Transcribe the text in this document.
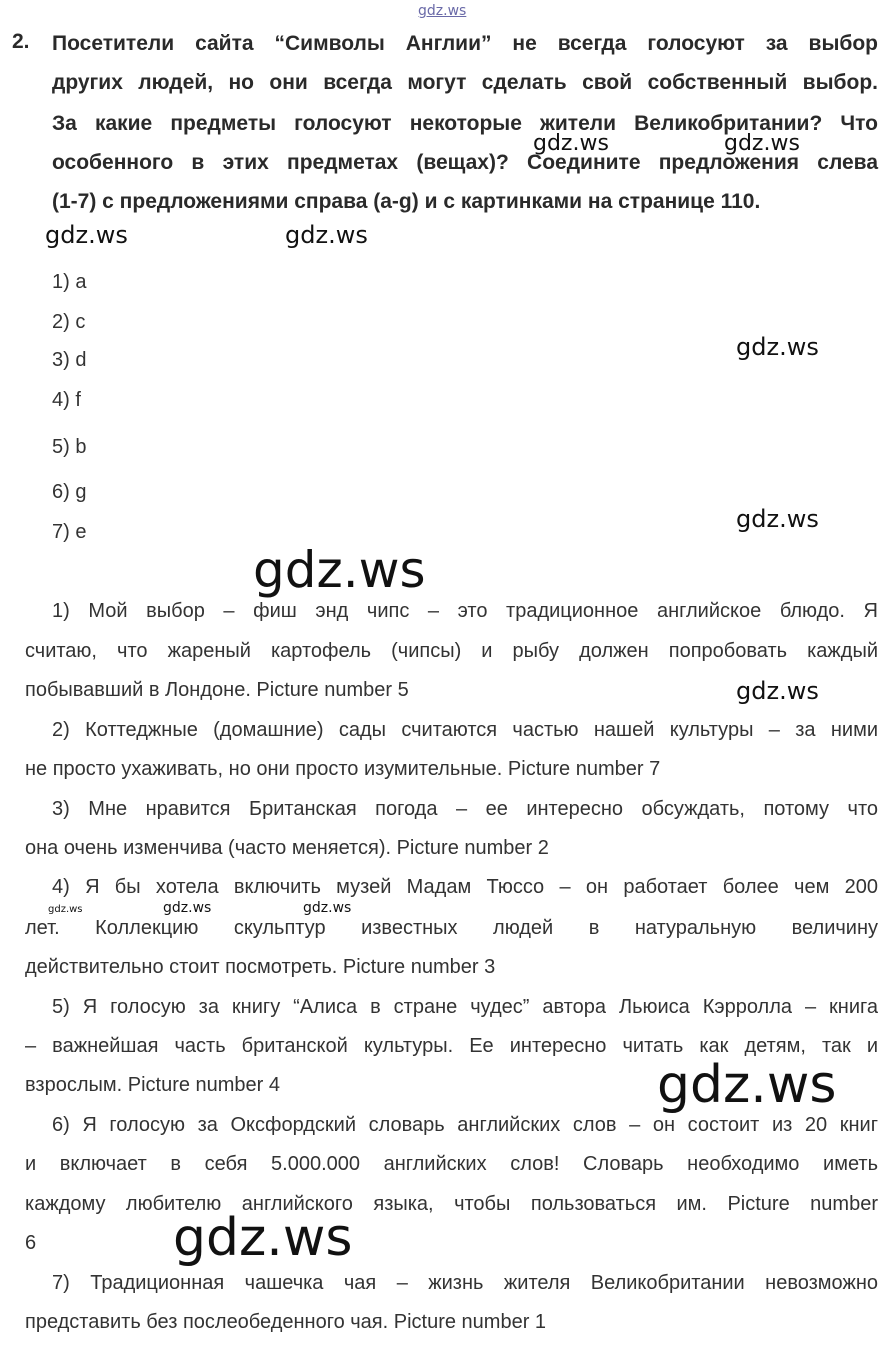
gdz.ws
2. Посетители сайта “Символы Англии” не всегда голосуют за выбор
других людей, но они всегда могут сделать свой собственный выбор.
За какие предметы голосуют некоторые жители Великобритании? Что
особенного в этих предметах (вещах)? Соедините предложения слева
(1-7) с предложениями справа (a-g) и с картинками на странице 110.
1) a
2) c
3) d
4) f
5) b
6) g
7) e
1) Мой выбор – фиш энд чипс – это традиционное английское блюдо. Я
считаю, что жареный картофель (чипсы) и рыбу должен попробовать каждый
побывавший в Лондоне. Picture number 5
2) Коттеджные (домашние) сады считаются частью нашей культуры – за ними
не просто ухаживать, но они просто изумительные. Picture number 7
3) Мне нравится Британская погода – ее интересно обсуждать, потому что
она очень изменчива (часто меняется). Picture number 2
4) Я бы хотела включить музей Мадам Тюссо – он работает более чем 200
лет. Коллекцию скульптур известных людей в натуральную величину
действительно стоит посмотреть. Picture number 3
5) Я голосую за книгу “Алиса в стране чудес” автора Льюиса Кэрролла – книга
– важнейшая часть британской культуры. Ее интересно читать как детям, так и
взрослым. Picture number 4
6) Я голосую за Оксфордский словарь английских слов – он состоит из 20 книг
и включает в себя 5.000.000 английских слов! Словарь необходимо иметь
каждому любителю английского языка, чтобы пользоваться им. Picture number
6
7) Традиционная чашечка чая – жизнь жителя Великобритании невозможно
представить без послеобеденного чая. Picture number 1
gdz.ws	gdz.ws
gdz.ws	gdz.ws
gdz.ws
gdz.ws
gdz.ws
gdz.ws
gdz.ws	gdz.ws	gdz.ws
gdz.ws
gdz.ws
